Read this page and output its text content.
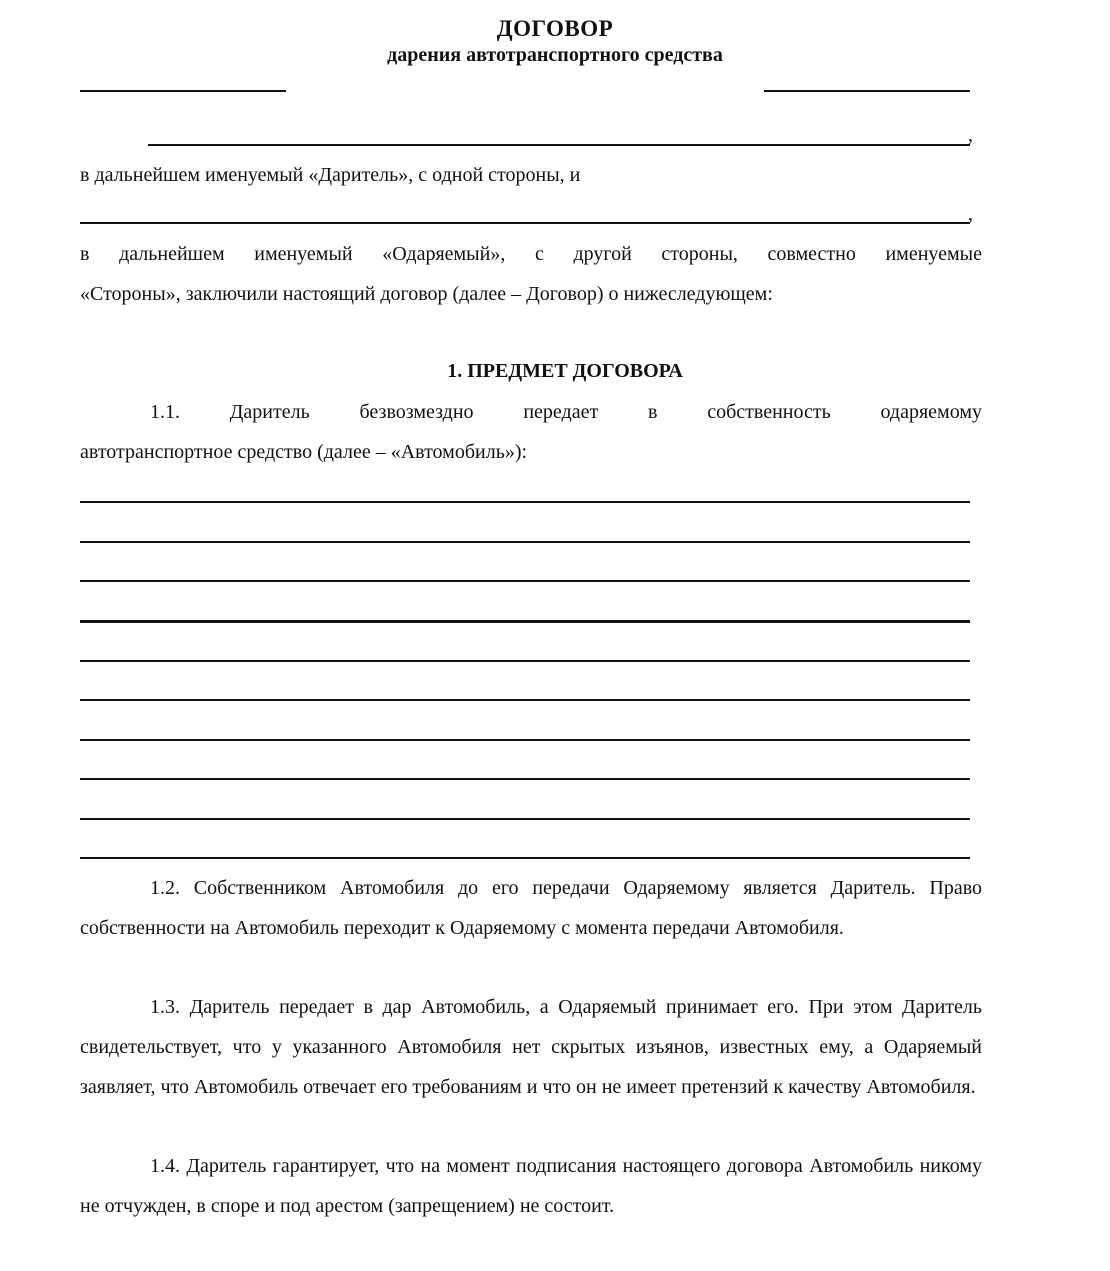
ДОГОВОР
дарения автотранспортного средства
,
в дальнейшем именуемый «Даритель», с одной стороны, и
,
в дальнейшем именуемый «Одаряемый», с другой стороны, совместно именуемые
«Стороны», заключили настоящий договор (далее – Договор) о нижеследующем:
1. ПРЕДМЕТ ДОГОВОРА
1.1. Даритель безвозмездно передает в собственность одаряемому
автотранспортное средство (далее – «Автомобиль»):

1.2. Собственником Автомобиля до его передачи Одаряемому является Даритель. Право собственности на Автомобиль переходит к Одаряемому с момента передачи Автомобиля.

1.3. Даритель передает в дар Автомобиль, а Одаряемый принимает его. При этом Даритель свидетельствует, что у указанного Автомобиля нет скрытых изъянов, известных ему, а Одаряемый заявляет, что Автомобиль отвечает его требованиям и что он не имеет претензий к качеству Автомобиля.

1.4. Даритель гарантирует, что на момент подписания настоящего договора Автомобиль никому не отчужден, в споре и под арестом (запрещением) не состоит.
